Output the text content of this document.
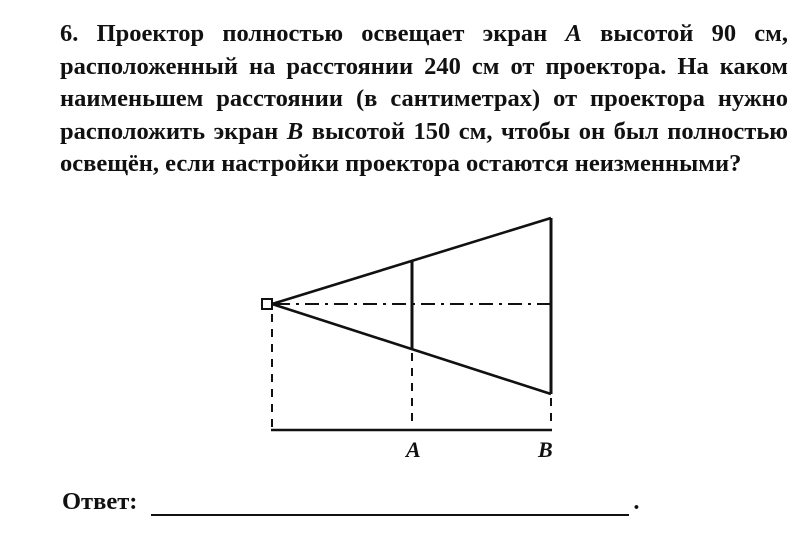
6. Проектор полностью освещает экран A высотой 90 см, расположенный на расстоянии 240 см от проектора. На каком наименьшем расстоянии (в сантиметрах) от проектора нужно расположить экран B высотой 150 см, чтобы он был полностью освещён, если настройки проектора остаются неизменными?
A	B
Ответ:	.
